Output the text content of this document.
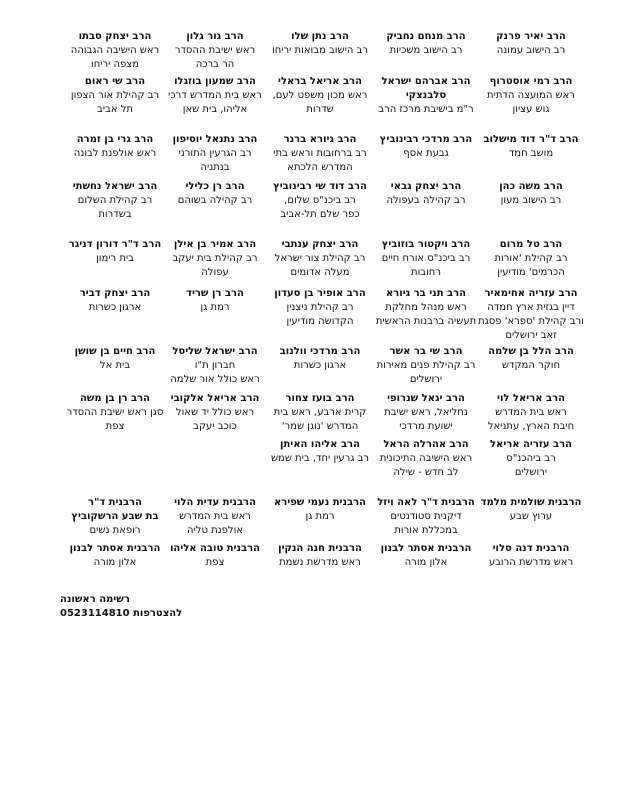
הרב יאיר פרנק
רב הישוב עמונה
הרב מנחם נחביק
רב הישוב משכיות
הרב נתן שלו
רב הישוב מבואות יריחו
הרב גור גלון
ראש ישיבת ההסדר
הר ברכה
הרב יצחק סבתו
ראש הישיבה הגבוהה
מצפה יריחו
הרב רמי אוסטרוף
ראש המועצה הדתית
גוש עציון
הרב אברהם ישראל
סלבנצקי
ר"מ בישיבת מרכז הרב
הרב אריאל בראלי
ראש מכון משפט לעם,
שדרות
הרב שמעון בוזגלו
ראש בית המדרש דרכי
אליהו, בית שאן
הרב שי ראום
רב קהילת אור הצפון
תל אביב
הרב ד"ר דוד מישלוב
מושב חמד
הרב מרדכי רבינוביץ
גבעת אסף
הרב גיורא ברנר
רב ברחובות וראש בתי
המדרש הלכתא
הרב נתנאל יוסיפון
רב הגרעין התורני
בנתניה
הרב גרי בן זמרה
ראש אולפנת לבונה
הרב משה כהן
רב הישוב מעון
הרב יצחק גבאי
רב קהילה בעפולה
הרב דוד שי רבינוביץ
רב ביכנ"ס שלום,
כפר שלם תל-אביב
הרב רן כלילי
רב קהילה בשוהם
הרב ישראל נחשתי
רב קהילת השלום
בשדרות
הרב טל מרום
רב קהילת 'אורות
הכרמים' מודיעין
הרב ויקטור בוזוביץ
רב ביכנ"ס אורח חיים
רחובות
הרב יצחק ענתבי
רב קהילת צור ישראל
מעלה אדומים
הרב אמיר בן אילן
רב קהילת בית יעקב
עפולה
הרב ד"ר דורון דניגר
בית רימון
הרב עזריה אחימאיר
דיין בגזית ארץ חמדה
ורב קהילת 'ספרא' פסגת
זאב ירושלים
הרב תני בר גיורא
ראש מנהל מחלקת
תעשיה ברבנות הראשית
הרב אופיר בן סעדון
רב קהילת ניצנין
הקדושה מודיעין
הרב רן שריד
רמת גן
הרב יצחק דביר
ארגון כשרות
הרב הלל בן שלמה
חוקר המקדש
הרב שי בר אשר
רב קהילת פנים מאירות
ירושלים
הרב מרדכי וולנוב
ארגון כשרות
הרב ישראל שליסל
חברון ת"ו
ראש כולל אור שלמה
הרב חיים בן שושן
בית אל
הרב אריאל לוי
ראש בית המדרש
חיבת הארץ, עתניאל
הרב יגאל שנרופי
נחליאל, ראש ישיבת
ישועת מרדכי
הרב בועז צחור
קרית ארבע, ראש בית
המדרש 'נוגן שמר'
הרב אריאל אלקובי
ראש כולל יד שאול
כוכב יעקב
הרב רן בן משה
סגן ראש ישיבת ההסדר
צפת
הרב עזריה אריאל
רב ביהכנ"ס
ירושלים
הרב אהרלה הראל
ראש הישיבה התיכונית
לב חדש - שילה
הרב אליהו האיתן
רב גרעין יחד, בית שמש
הרבנית שולמית מלמד
ערוץ שבע
הרבנית ד"ר לאה ויזל
דיקנית סטודנטים
במכללת אורות
הרבנית נעמי שפירא
רמת גן
הרבנית עדית הלוי
ראש בית המדרש
אולפנת טליה
הרבנית ד"ר
בת שבע הרשקוביץ
רופאת נשים
הרבנית דנה סלוי
ראש מדרשת הרובע
הרבנית אסתר לבנון
אלון מורה
הרבנית חנה הנקין
ראש מדרשת נשמת
הרבנית טובה אליהו
צפת
הרבנית אסתר לבנון
אלון מורה
רשימה ראשונה
להצטרפות 0523114810
